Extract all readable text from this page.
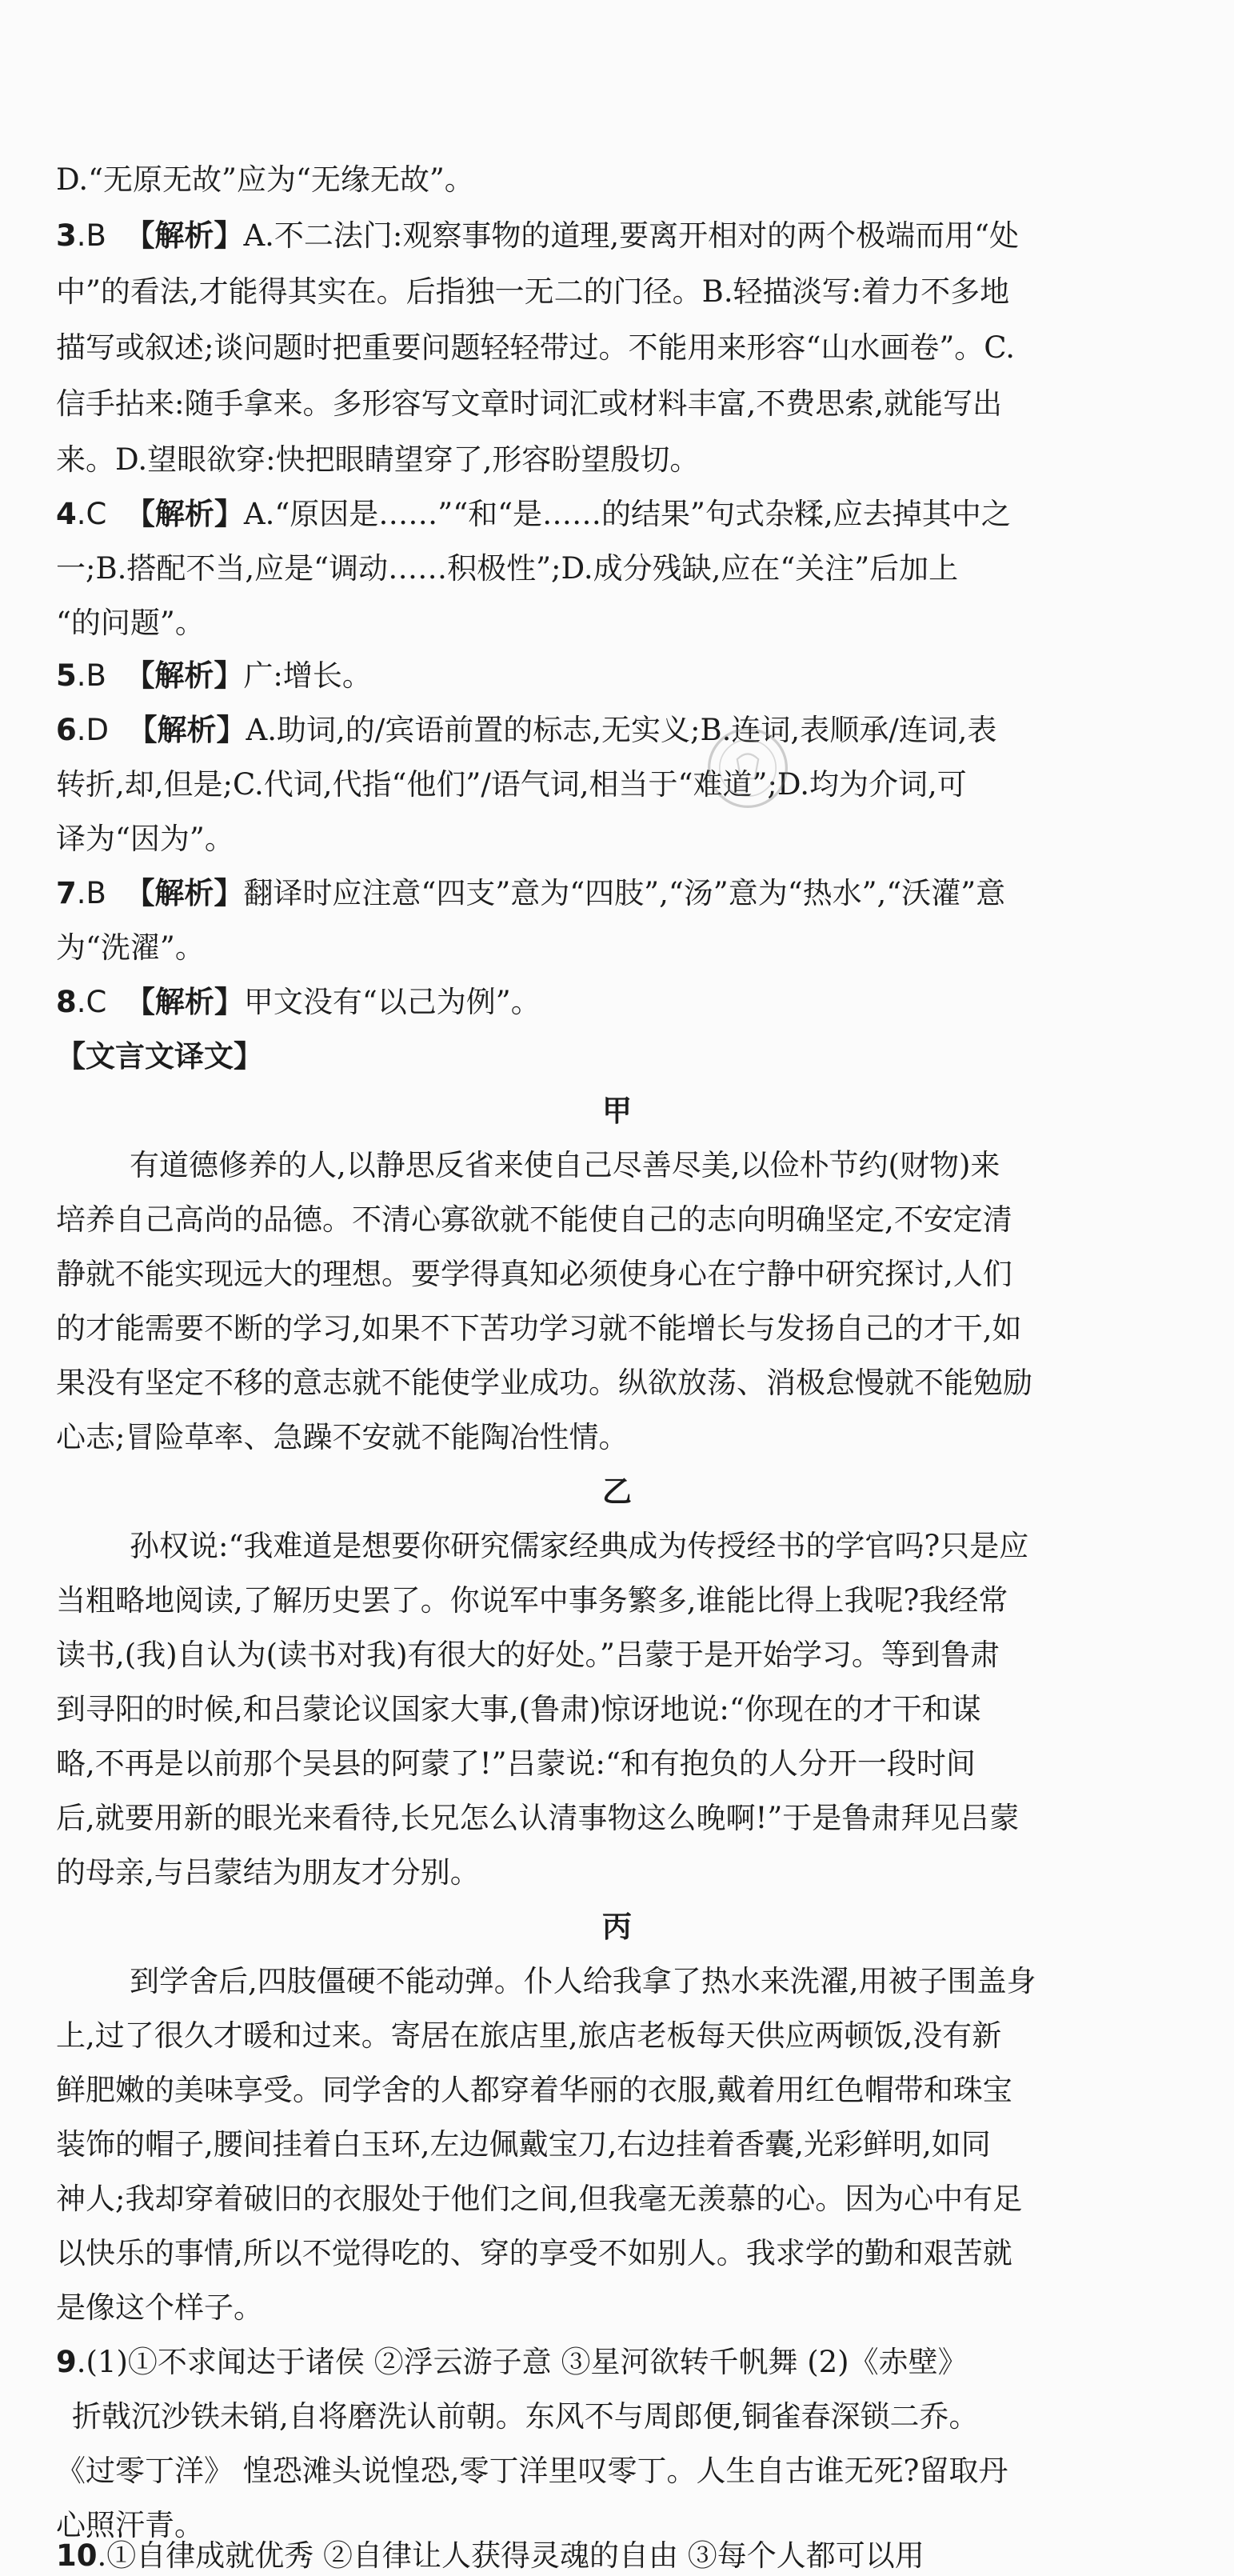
D.“无原无故”应为“无缘无故”。
3.B 【解析】A.不二法门:观察事物的道理,要离开相对的两个极端而用“处
中”的看法,才能得其实在。后指独一无二的门径。B.轻描淡写:着力不多地
描写或叙述;谈问题时把重要问题轻轻带过。不能用来形容“山水画卷”。C.
信手拈来:随手拿来。多形容写文章时词汇或材料丰富,不费思索,就能写出
来。D.望眼欲穿:快把眼睛望穿了,形容盼望殷切。
4.C 【解析】A.“原因是……”“和“是……的结果”句式杂糅,应去掉其中之
一;B.搭配不当,应是“调动……积极性”;D.成分残缺,应在“关注”后加上
“的问题”。
5.B 【解析】广:增长。
6.D 【解析】A.助词,的/宾语前置的标志,无实义;B.连词,表顺承/连词,表
转折,却,但是;C.代词,代指“他们”/语气词,相当于“难道”;D.均为介词,可
译为“因为”。
7.B 【解析】翻译时应注意“四支”意为“四肢”,“汤”意为“热水”,“沃灌”意
为“洗濯”。
8.C 【解析】甲文没有“以己为例”。
【文言文译文】
甲
有道德修养的人,以静思反省来使自己尽善尽美,以俭朴节约(财物)来
培养自己高尚的品德。不清心寡欲就不能使自己的志向明确坚定,不安定清
静就不能实现远大的理想。要学得真知必须使身心在宁静中研究探讨,人们
的才能需要不断的学习,如果不下苦功学习就不能增长与发扬自己的才干,如
果没有坚定不移的意志就不能使学业成功。纵欲放荡、消极怠慢就不能勉励
心志;冒险草率、急躁不安就不能陶冶性情。
乙
孙权说:“我难道是想要你研究儒家经典成为传授经书的学官吗?只是应
当粗略地阅读,了解历史罢了。你说军中事务繁多,谁能比得上我呢?我经常
读书,(我)自认为(读书对我)有很大的好处。”吕蒙于是开始学习。等到鲁肃
到寻阳的时候,和吕蒙论议国家大事,(鲁肃)惊讶地说:“你现在的才干和谋
略,不再是以前那个吴县的阿蒙了!”吕蒙说:“和有抱负的人分开一段时间
后,就要用新的眼光来看待,长兄怎么认清事物这么晚啊!”于是鲁肃拜见吕蒙
的母亲,与吕蒙结为朋友才分别。
丙
到学舍后,四肢僵硬不能动弹。仆人给我拿了热水来洗濯,用被子围盖身
上,过了很久才暖和过来。寄居在旅店里,旅店老板每天供应两顿饭,没有新
鲜肥嫩的美味享受。同学舍的人都穿着华丽的衣服,戴着用红色帽带和珠宝
装饰的帽子,腰间挂着白玉环,左边佩戴宝刀,右边挂着香囊,光彩鲜明,如同
神人;我却穿着破旧的衣服处于他们之间,但我毫无羡慕的心。因为心中有足
以快乐的事情,所以不觉得吃的、穿的享受不如别人。我求学的勤和艰苦就
是像这个样子。
9.(1)①不求闻达于诸侯 ②浮云游子意 ③星河欲转千帆舞 (2)《赤壁》
折戟沉沙铁未销,自将磨洗认前朝。东风不与周郎便,铜雀春深锁二乔。
《过零丁洋》 惶恐滩头说惶恐,零丁洋里叹零丁。人生自古谁无死?留取丹
心照汗青。
10.①自律成就优秀 ②自律让人获得灵魂的自由 ③每个人都可以用
